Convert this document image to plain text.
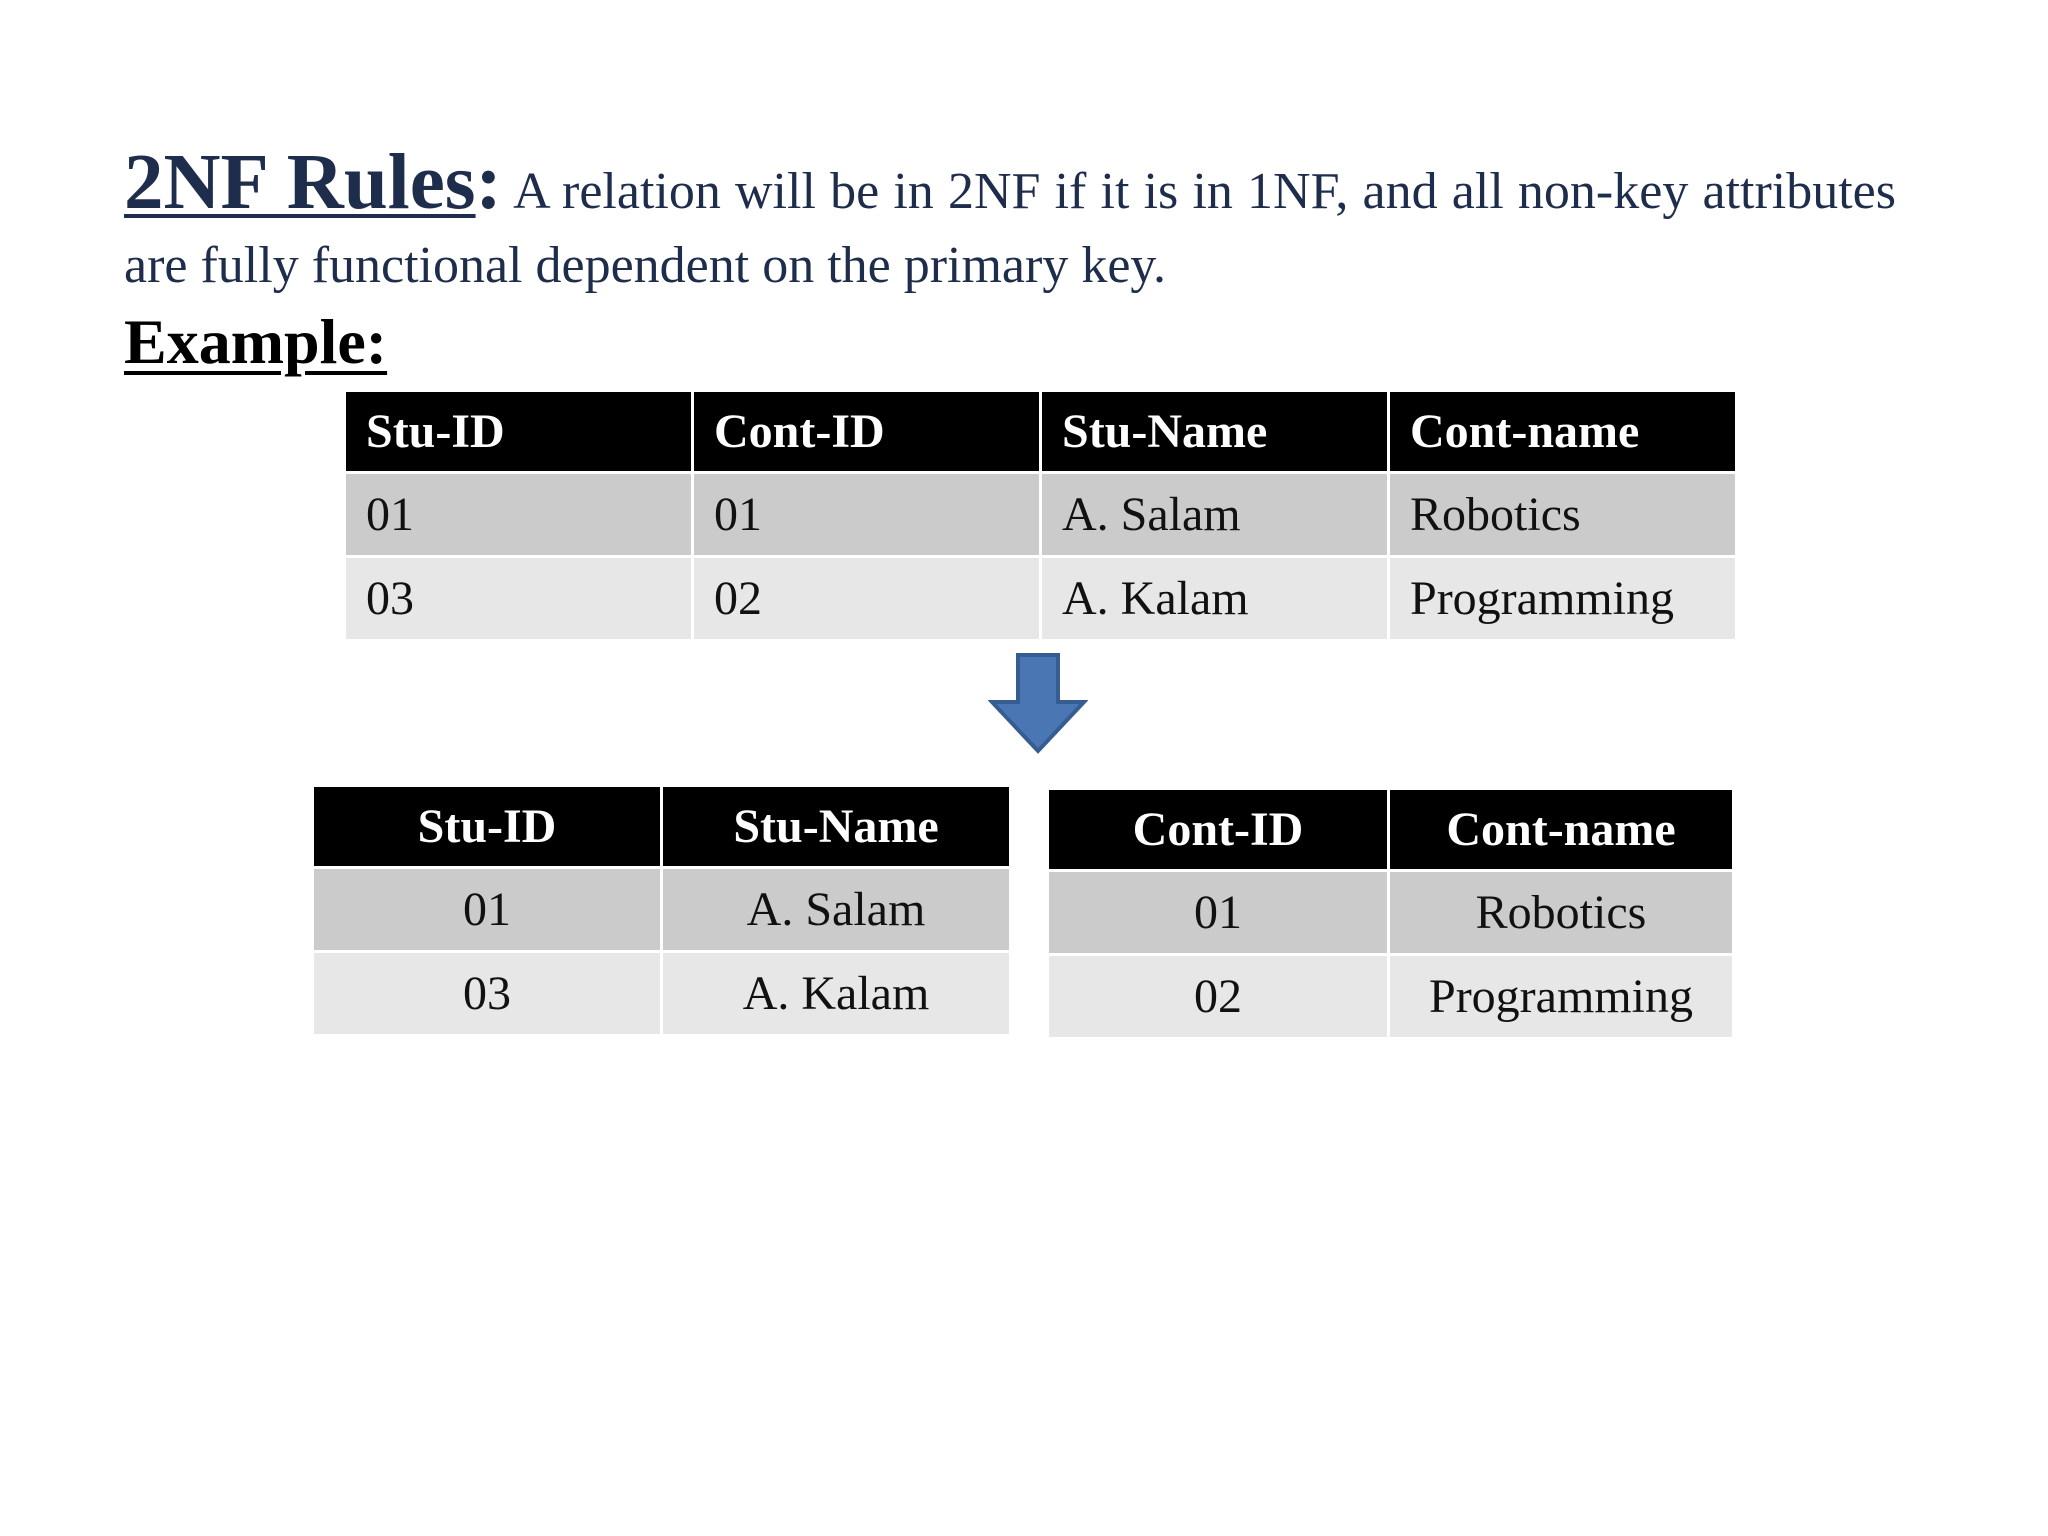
2NF Rules: A relation will be in 2NF if it is in 1NF, and all non-key attributes are fully functional dependent on the primary key.

Example:
Stu-ID	Cont-ID	Stu-Name	Cont-name
01	01	A. Salam	Robotics
03	02	A. Kalam	Programming
Stu-ID	Stu-Name
01	A. Salam
03	A. Kalam
Cont-ID	Cont-name
01	Robotics
02	Programming
